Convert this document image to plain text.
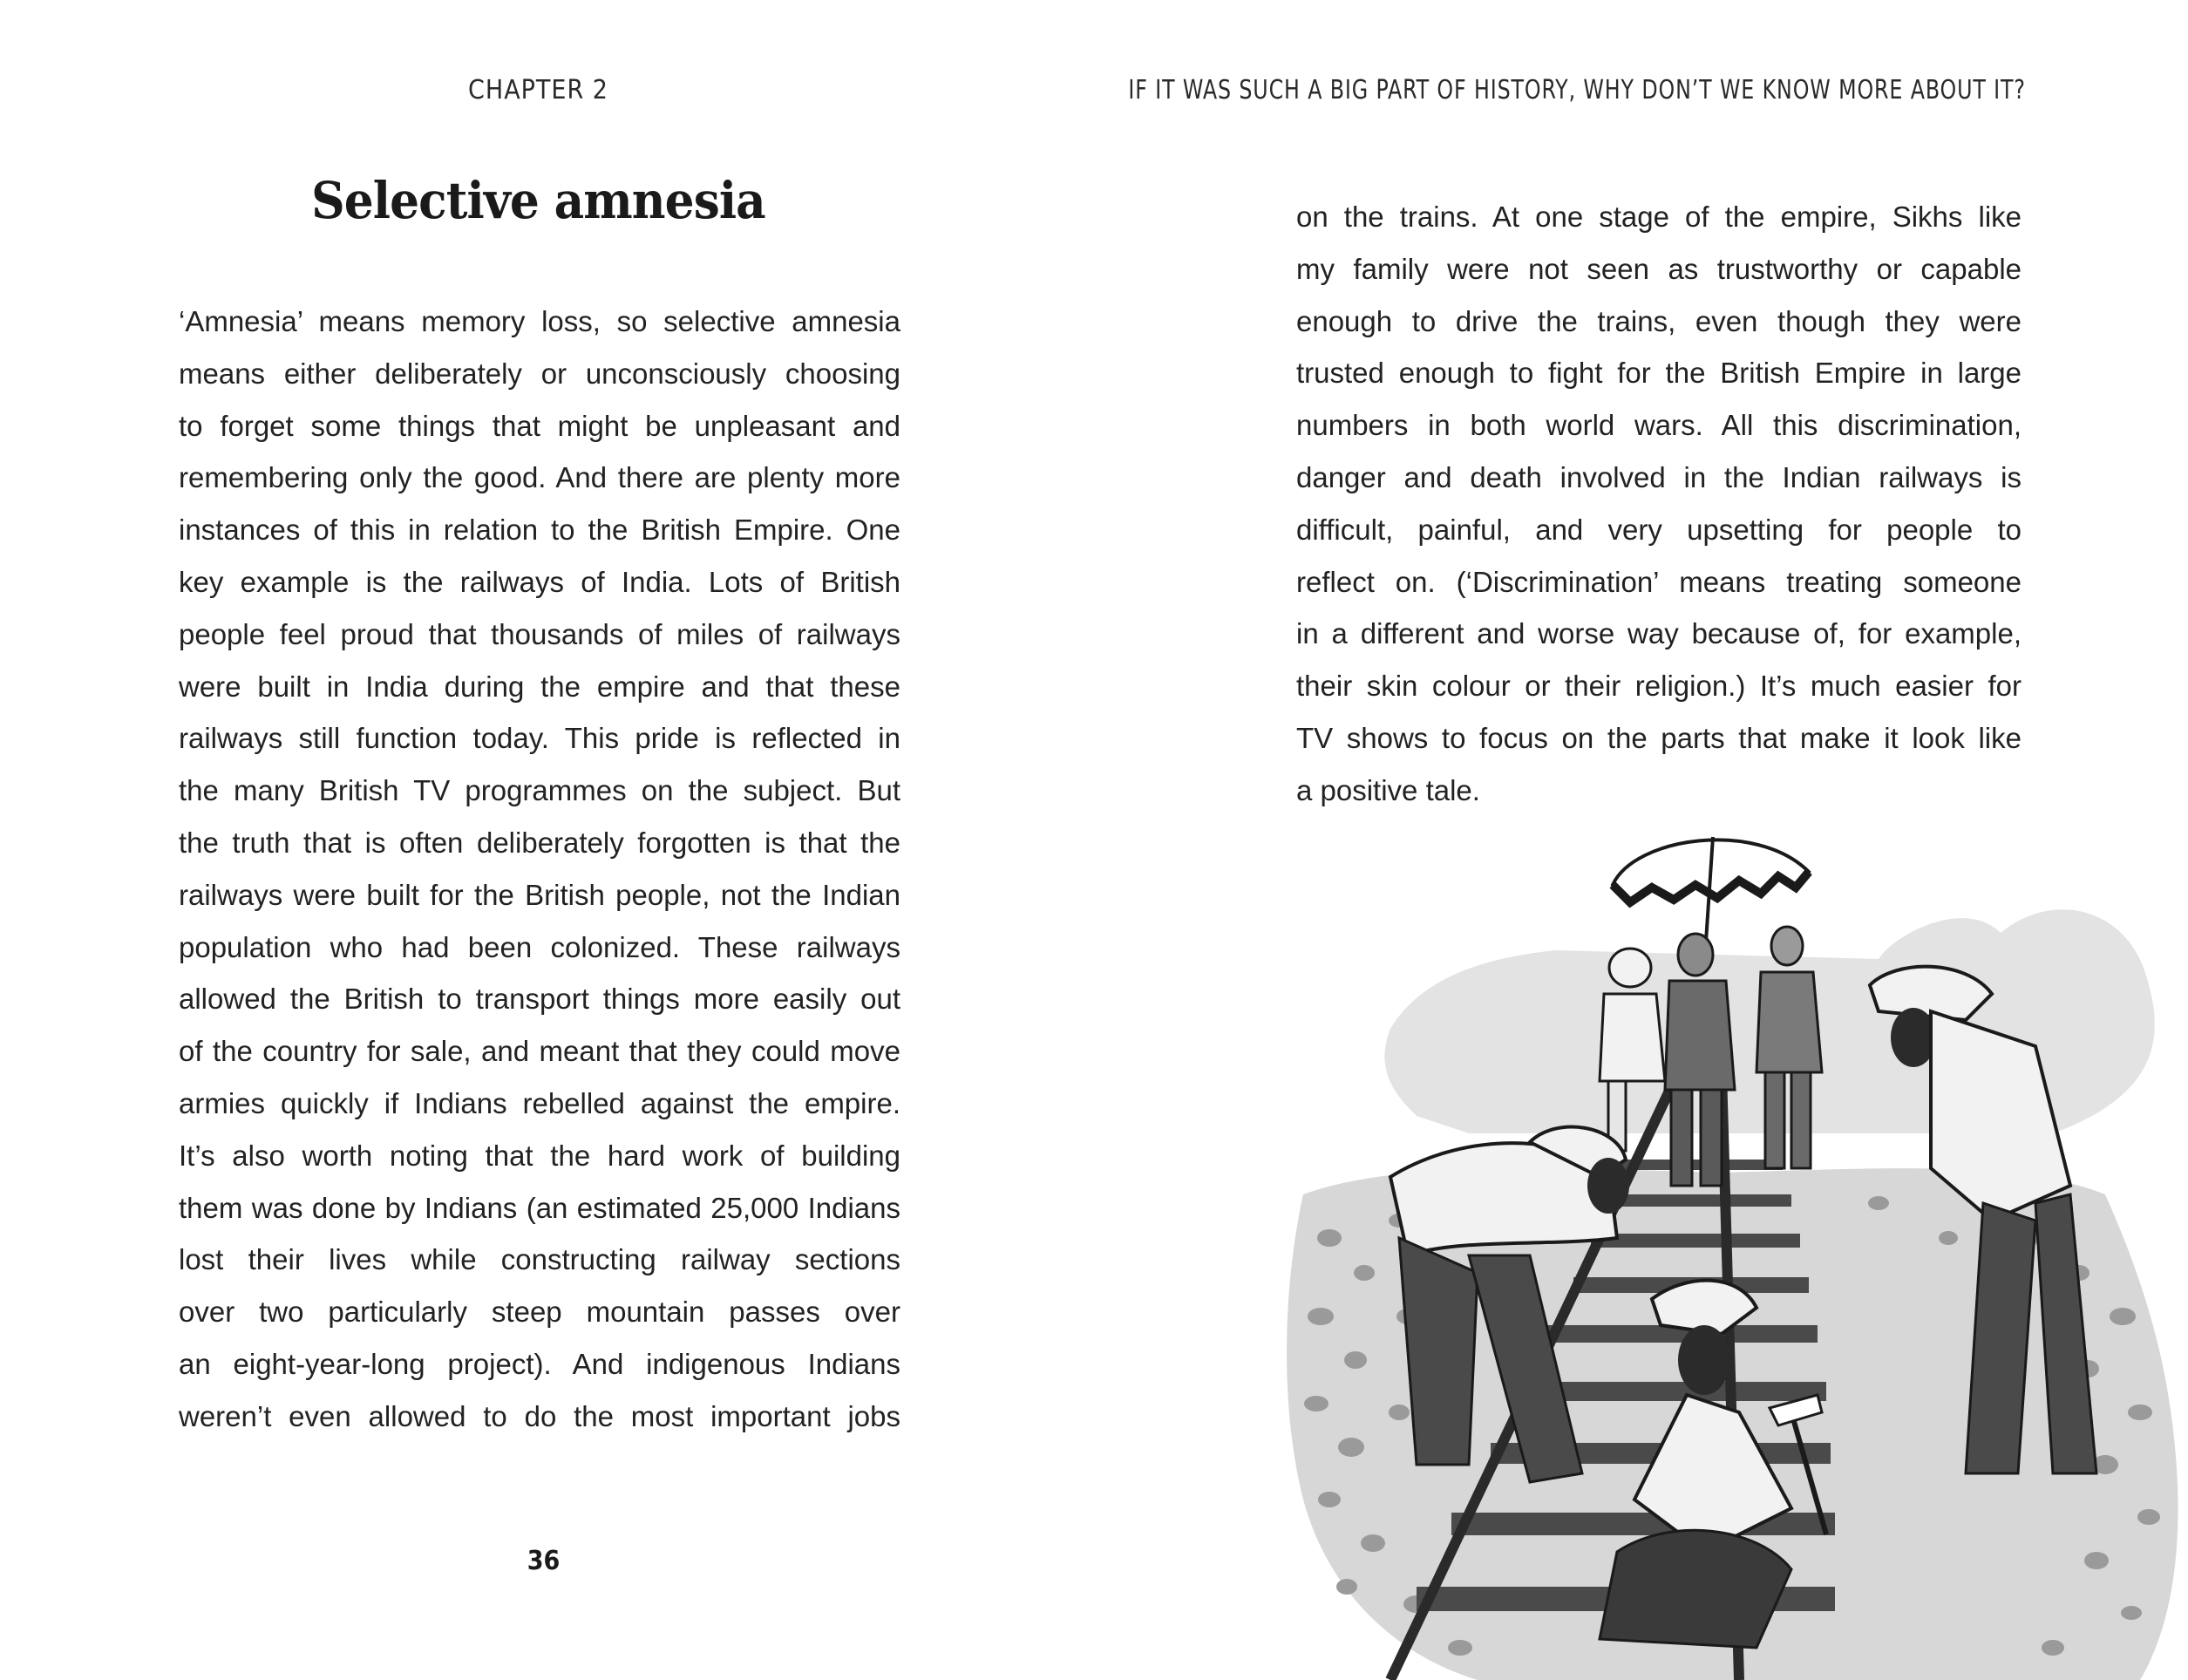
CHAPTER 2
Selective amnesia
‘Amnesia’ means memory loss, so selective amnesia
means either deliberately or unconsciously choosing
to forget some things that might be unpleasant and
remembering only the good. And there are plenty more
instances of this in relation to the British Empire. One
key example is the railways of India. Lots of British
people feel proud that thousands of miles of railways
were built in India during the empire and that these
railways still function today. This pride is reflected in
the many British TV programmes on the subject. But
the truth that is often deliberately forgotten is that the
railways were built for the British people, not the Indian
population who had been colonized. These railways
allowed the British to transport things more easily out
of the country for sale, and meant that they could move
armies quickly if Indians rebelled against the empire.
It’s also worth noting that the hard work of building
them was done by Indians (an estimated 25,000 Indians
lost their lives while constructing railway sections
over two particularly steep mountain passes over
an eight-year-long project). And indigenous Indians
weren’t even allowed to do the most important jobs
36
IF IT WAS SUCH A BIG PART OF HISTORY, WHY DON’T WE KNOW MORE ABOUT IT?
on the trains. At one stage of the empire, Sikhs like
my family were not seen as trustworthy or capable
enough to drive the trains, even though they were
trusted enough to fight for the British Empire in large
numbers in both world wars. All this discrimination,
danger and death involved in the Indian railways is
difficult, painful, and very upsetting for people to
reflect on. (‘Discrimination’ means treating someone
in a different and worse way because of, for example,
their skin colour or their religion.) It’s much easier for
TV shows to focus on the parts that make it look like
a positive tale.
